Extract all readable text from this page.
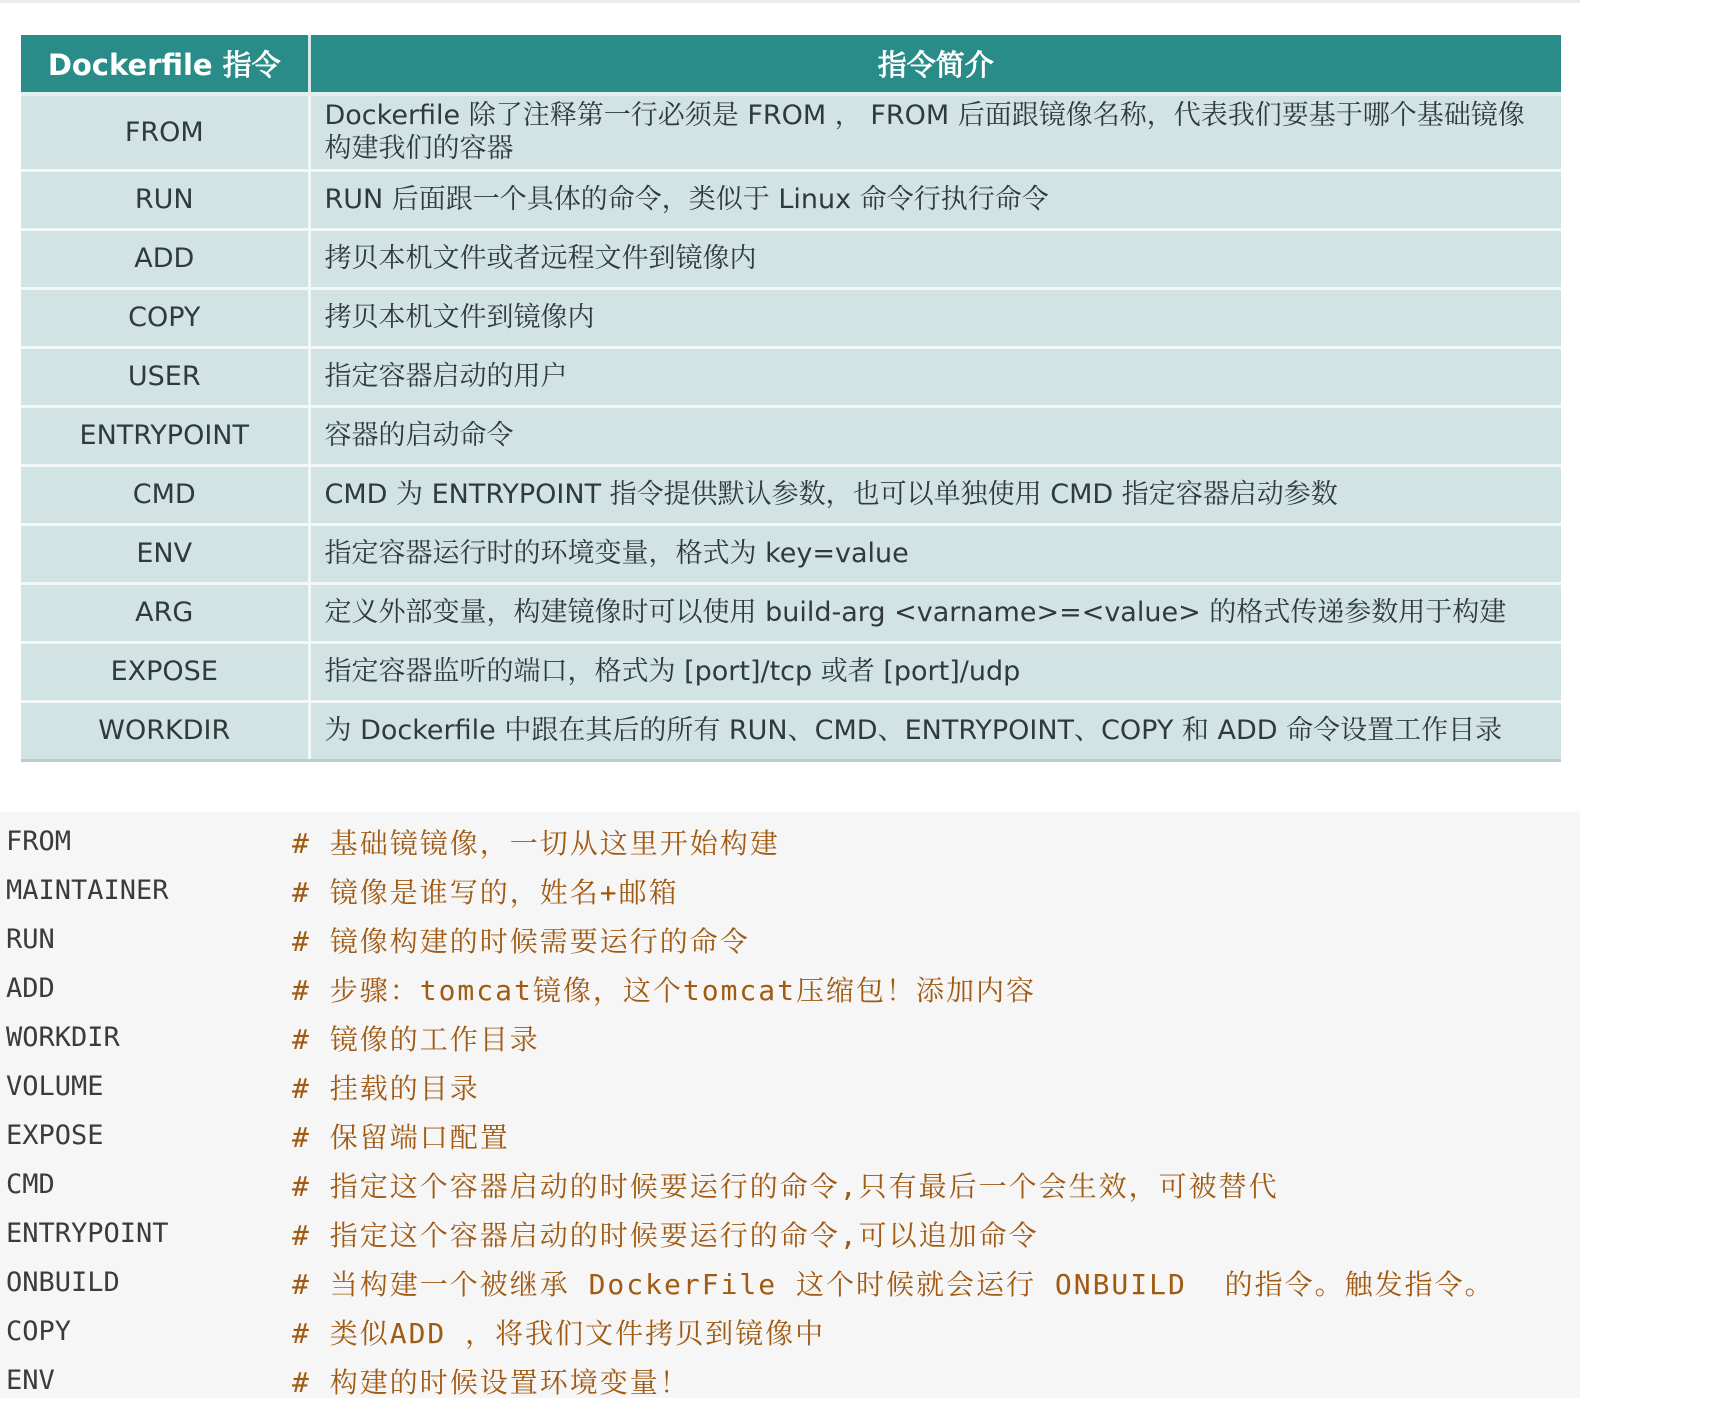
Dockerfile 指令	指令简介
FROM	Dockerfile 除了注释第一行必须是 FROM ， FROM 后面跟镜像名称，代表我们要基于哪个基础镜像构建我们的容器
RUN	RUN 后面跟一个具体的命令，类似于 Linux 命令行执行命令
ADD	拷贝本机文件或者远程文件到镜像内
COPY	拷贝本机文件到镜像内
USER	指定容器启动的用户
ENTRYPOINT	容器的启动命令
CMD	CMD 为 ENTRYPOINT 指令提供默认参数，也可以单独使用 CMD 指定容器启动参数
ENV	指定容器运行时的环境变量，格式为 key=value
ARG	定义外部变量，构建镜像时可以使用 build-arg <varname>=<value> 的格式传递参数用于构建
EXPOSE	指定容器监听的端口，格式为 [port]/tcp 或者 [port]/udp
WORKDIR	为 Dockerfile 中跟在其后的所有 RUN、CMD、ENTRYPOINT、COPY 和 ADD 命令设置工作目录
FROM	# 基础镜镜像，一切从这里开始构建
MAINTAINER	# 镜像是谁写的，姓名+邮箱
RUN	# 镜像构建的时候需要运行的命令
ADD	# 步骤：tomcat镜像，这个tomcat压缩包！添加内容
WORKDIR	# 镜像的工作目录
VOLUME	# 挂载的目录
EXPOSE	# 保留端口配置
CMD	# 指定这个容器启动的时候要运行的命令,只有最后一个会生效，可被替代
ENTRYPOINT	# 指定这个容器启动的时候要运行的命令,可以追加命令
ONBUILD	# 当构建一个被继承 DockerFile 这个时候就会运行 ONBUILD  的指令。触发指令。
COPY	# 类似ADD ，将我们文件拷贝到镜像中
ENV	# 构建的时候设置环境变量！
